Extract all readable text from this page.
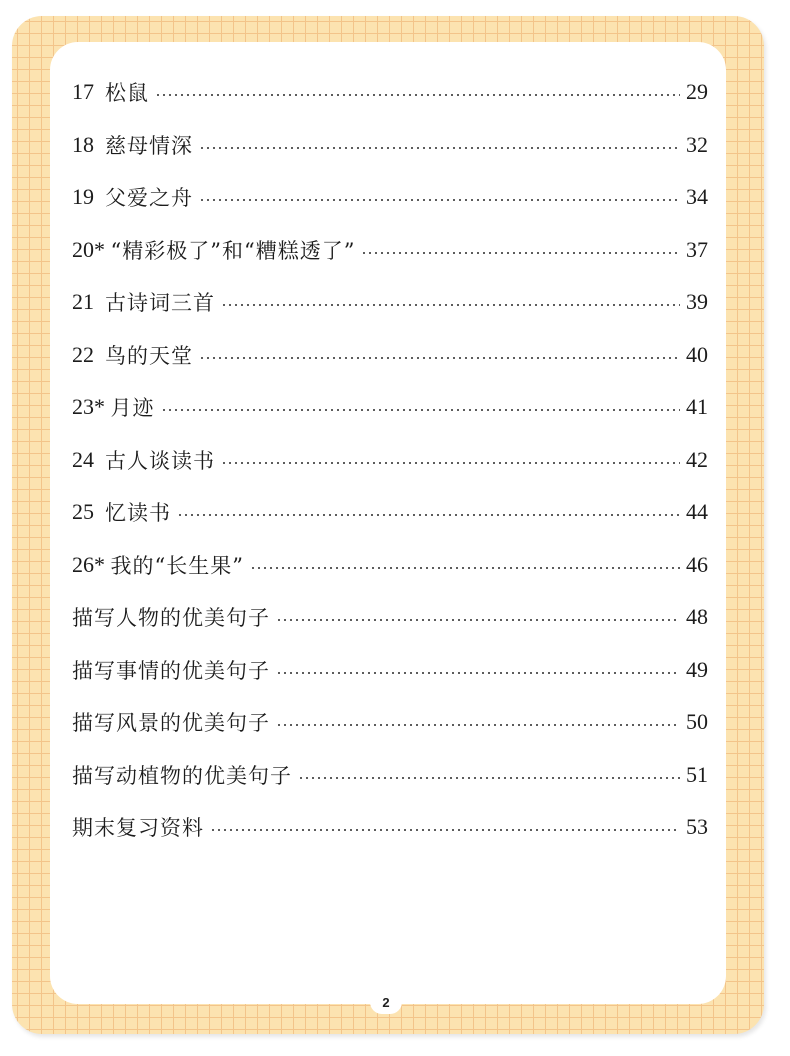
17 松鼠	29
18 慈母情深	32
19 父爱之舟	34
20* “精彩极了”和“糟糕透了”	37
21 古诗词三首	39
22 鸟的天堂	40
23* 月迹	41
24 古人谈读书	42
25 忆读书	44
26* 我的“长生果”	46
描写人物的优美句子	48
描写事情的优美句子	49
描写风景的优美句子	50
描写动植物的优美句子	51
期末复习资料	53
2
